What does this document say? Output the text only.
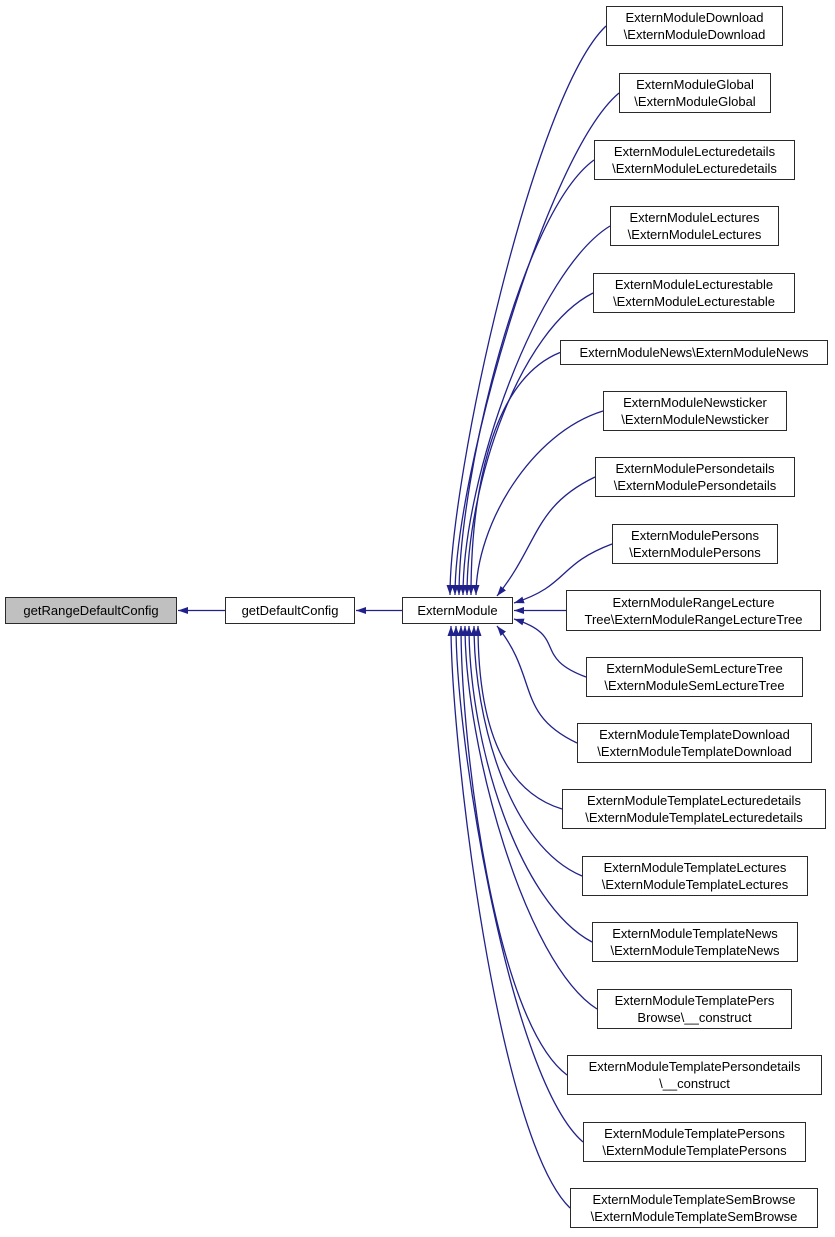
getRangeDefaultConfig	getDefaultConfig	ExternModule
ExternModuleDownload
\ExternModuleDownload
ExternModuleGlobal
\ExternModuleGlobal
ExternModuleLecturedetails
\ExternModuleLecturedetails
ExternModuleLectures
\ExternModuleLectures
ExternModuleLecturestable
\ExternModuleLecturestable
ExternModuleNews\ExternModuleNews
ExternModuleNewsticker
\ExternModuleNewsticker
ExternModulePersondetails
\ExternModulePersondetails
ExternModulePersons
\ExternModulePersons
ExternModuleRangeLecture
Tree\ExternModuleRangeLectureTree
ExternModuleSemLectureTree
\ExternModuleSemLectureTree
ExternModuleTemplateDownload
\ExternModuleTemplateDownload
ExternModuleTemplateLecturedetails
\ExternModuleTemplateLecturedetails
ExternModuleTemplateLectures
\ExternModuleTemplateLectures
ExternModuleTemplateNews
\ExternModuleTemplateNews
ExternModuleTemplatePers
Browse\__construct
ExternModuleTemplatePersondetails
\__construct
ExternModuleTemplatePersons
\ExternModuleTemplatePersons
ExternModuleTemplateSemBrowse
\ExternModuleTemplateSemBrowse
